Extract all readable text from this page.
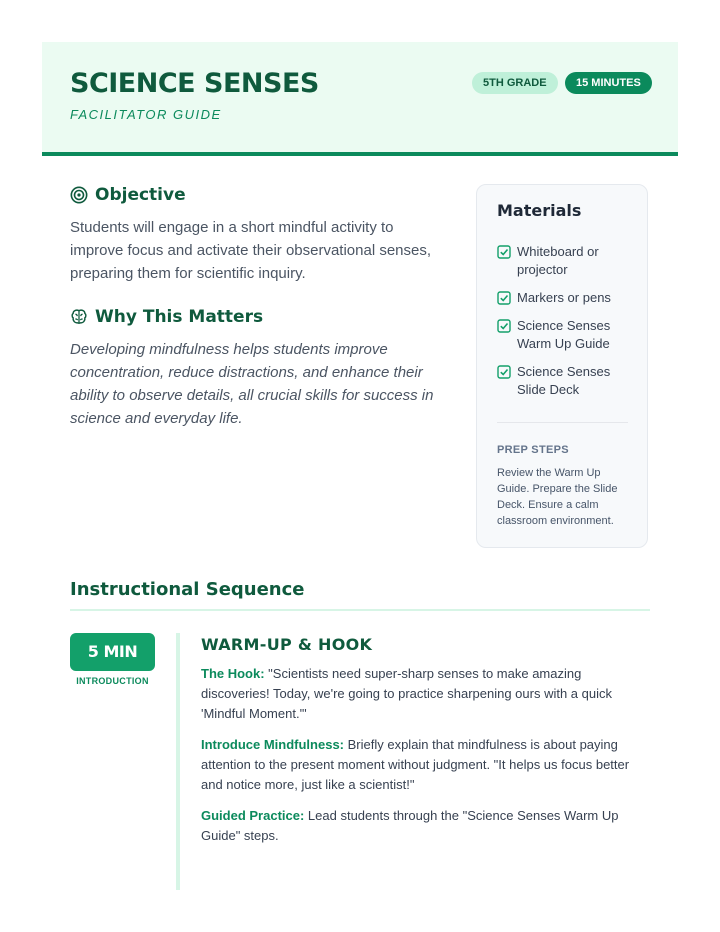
SCIENCE SENSES
FACILITATOR GUIDE
5TH GRADE	15 MINUTES
Objective

Students will engage in a short mindful activity to improve focus and activate their observational senses, preparing them for scientific inquiry.

Why This Matters

Developing mindfulness helps students improve concentration, reduce distractions, and enhance their ability to observe details, all crucial skills for success in science and everyday life.

Materials
Whiteboard or projector
Markers or pens
Science Senses Warm Up Guide
Science Senses Slide Deck
PREP STEPS

Review the Warm Up Guide. Prepare the Slide Deck. Ensure a calm classroom environment.

Instructional Sequence
5 MIN
INTRODUCTION
WARM-UP & HOOK

The Hook: "Scientists need super-sharp senses to make amazing discoveries! Today, we're going to practice sharpening ours with a quick 'Mindful Moment.'"

Introduce Mindfulness: Briefly explain that mindfulness is about paying attention to the present moment without judgment. "It helps us focus better and notice more, just like a scientist!"

Guided Practice: Lead students through the "Science Senses Warm Up Guide" steps.
